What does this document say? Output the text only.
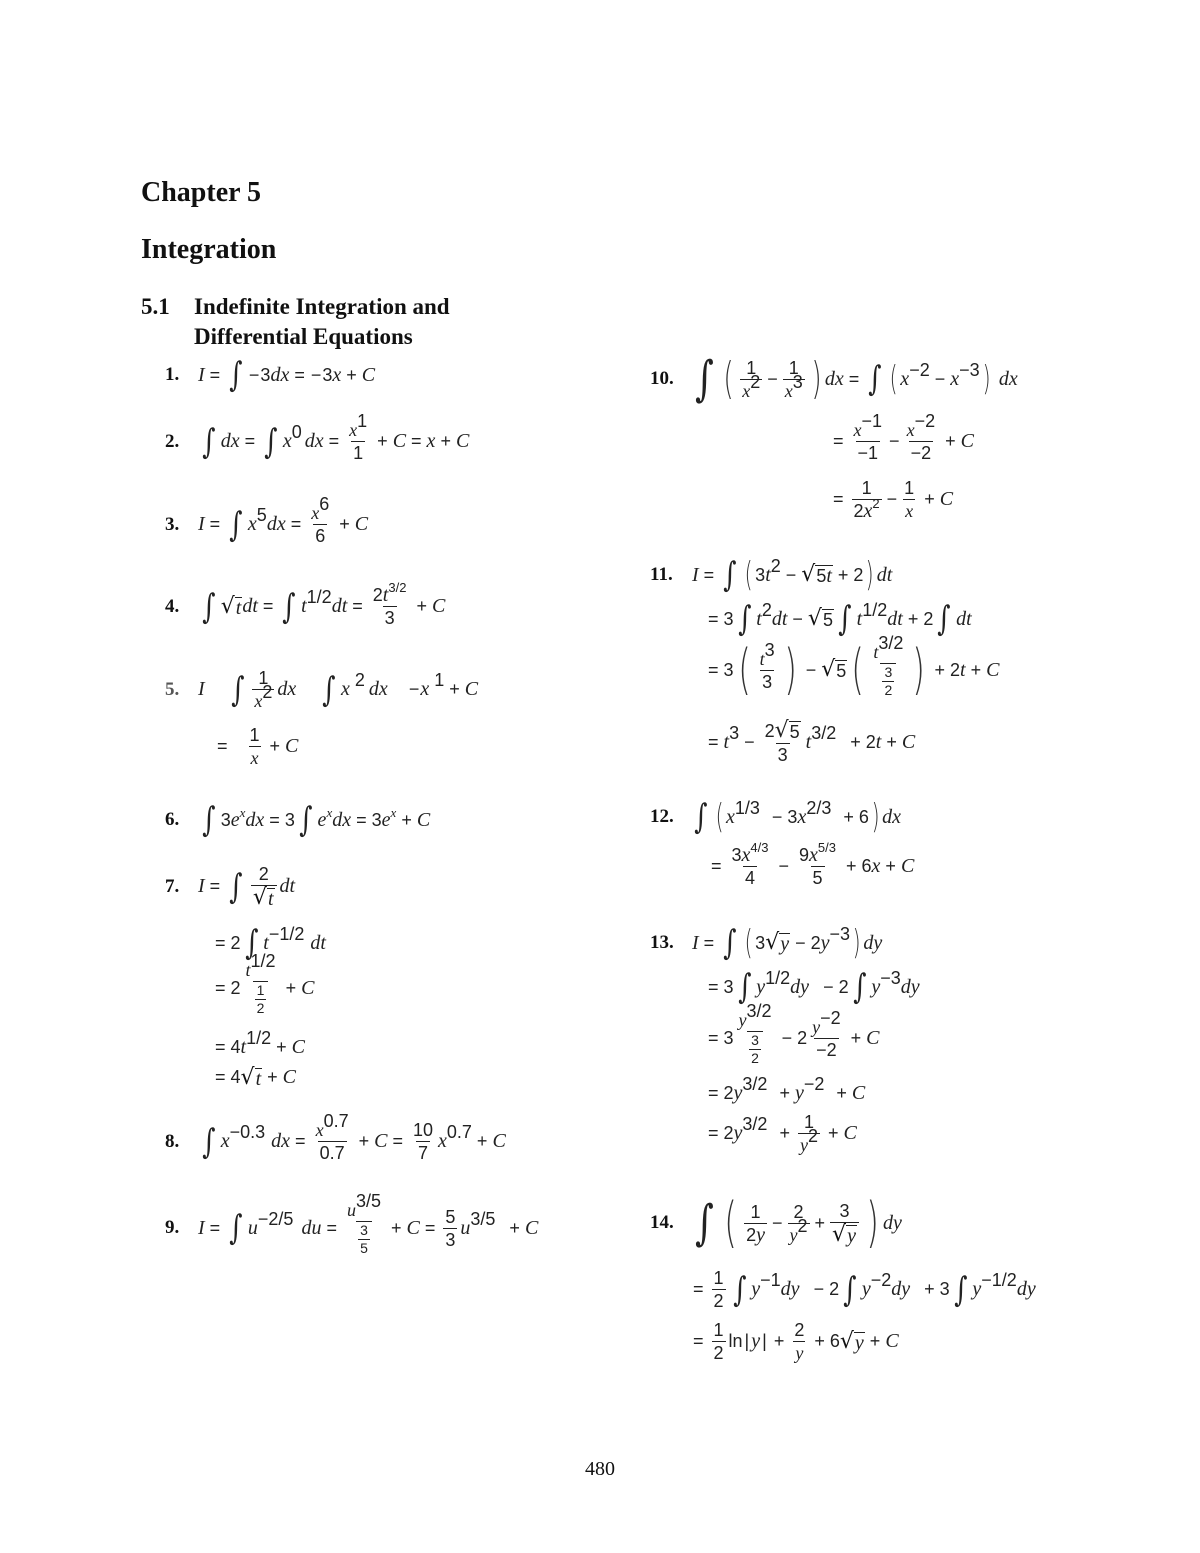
Chapter 5
Integration
5.1 Indefinite Integration and
Differential Equations
1. I = ∫ − 3 dx = − 3 x + C
2. ∫ dx = ∫ $x^0$ dx = $\frac{x^1}{1} + C = x + C$
3. I = ∫ $x^5dx = \frac{x^6}{6} + C$
4. ∫ √ t dt = ∫ $t^{1/2}dt = \frac{2t^{3/2}}{3} + C$
5. I ∫ $\frac{1}{x^2}$ dx ∫ x $^2$ dx − x $^1$ + C
= $\frac{1}{x} + C$
6. ∫ 3 $e^xdx = 3$ ∫ $e^xdx = 3$ $e^x + C$
7. I = ∫ $\frac{2}{√ t}$ dt
= 2 ∫ $t^{-1/2}$ dt
= $2 \frac{t^{1/2}}{\frac{1}{2}} + C$
= 4 $t^{1/2} + C$
= 4 √ t + C
8. ∫ $x^{-0.3}$ dx = $\frac{x^{0.7}}{0.7} + C = \frac{10}{7} x^{0.7} + C$
9. I = ∫ $u^{-2/5}$ du = $\frac{u^{3/5}}{\frac{3}{5}} + C = \frac{5}{3} u^{3/5} + C$
10. ∫ ( $\frac{1}{x^2} - \frac{1}{x^3}$ ) dx = ∫ ( $x^{-2} - x^{-3}$ ) dx
= $\frac{x^{-1}}{-1} - \frac{x^{-2}}{-2} + C$
= $\frac{1}{2x^2} - \frac{1}{x} + C$
11. I = ∫ ( 3 $t^2$ − √ 5t + 2 ) dt
= 3 ∫ $t^2dt$ − √ 5 ∫ $t^{1/2}dt + 2$ ∫ dt
= 3 ( $\frac{t^3}{3}$ ) − √ 5 ( $\frac{t^{3/2}}{\frac{3}{2}}$ ) + 2 t + C
= $t^3 - \frac{2 √ 5}{3} t^{3/2} + 2$ t + C
12. ∫ ( $x^{1/3} - 3$ $x^{2/3} + 6$ ) dx
= $\frac{3x^{4/3}}{4} - \frac{9x^{5/3}}{5} + 6$ x + C
13. I = ∫ ( 3 √ y − 2 $y^{-3}$ ) dy
= 3 ∫ $y^{1/2}dy - 2$ ∫ $y^{-3}dy$
= $3 \frac{y^{3/2}}{\frac{3}{2}} - 2 \frac{y^{-2}}{-2} + C$
= 2 $y^{3/2} + y^{-2} + C$
= 2 $y^{3/2} + \frac{1}{y^2} + C$
14. ∫ ( $\frac{1}{2y} - \frac{2}{y^2} + \frac{3}{√ y}$ ) dy
= $\frac{1}{2}$ ∫ $y^{-1}dy - 2$ ∫ $y^{-2}dy + 3$ ∫ $y^{-1/2}dy$
= $\frac{1}{2}$ ln | y | + $\frac{2}{y} + 6$ √ y + C
480
